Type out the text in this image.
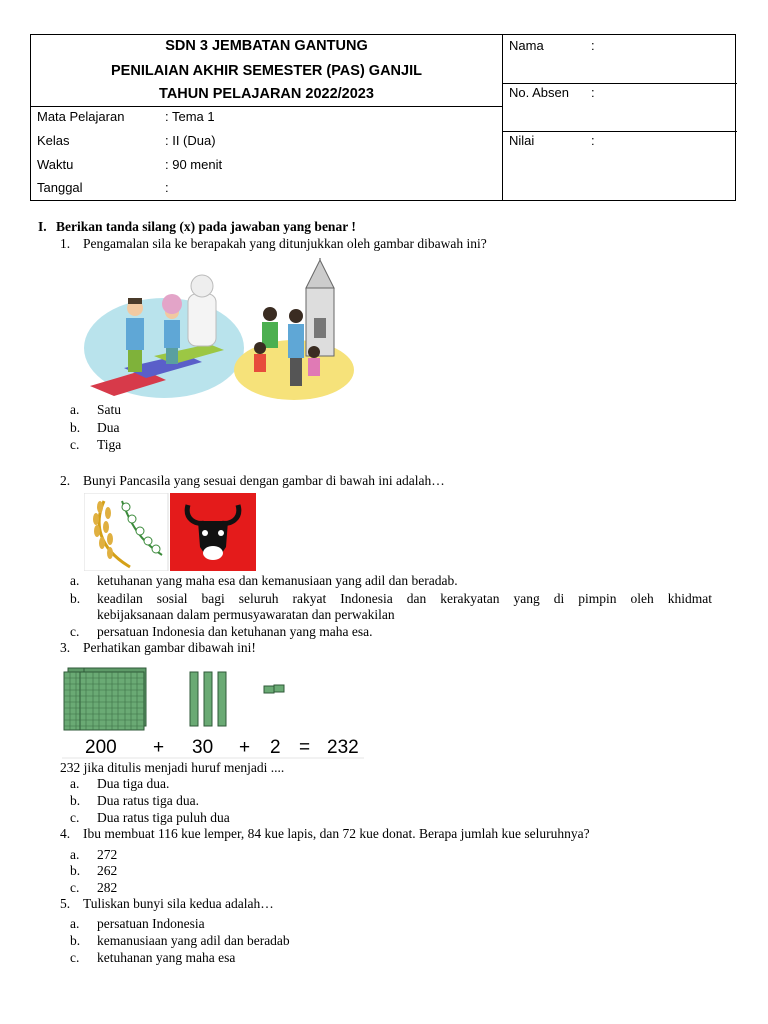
SDN 3 JEMBATAN GANTUNG
PENILAIAN AKHIR SEMESTER (PAS) GANJIL
TAHUN PELAJARAN 2022/2023
Mata Pelajaran	: Tema 1
Kelas	: II (Dua)
Waktu	: 90 menit
Tanggal	:
Nama	:
No. Absen :
Nilai	:
I. Berikan tanda silang (x) pada jawaban yang benar !
1. Pengamalan sila ke berapakah yang ditunjukkan oleh gambar dibawah ini?
a. Satu
b. Dua
c. Tiga
2. Bunyi Pancasila yang sesuai dengan gambar di bawah ini adalah…
a. ketuhanan yang maha esa dan kemanusiaan yang adil dan beradab.
b. keadilan sosial bagi seluruh rakyat Indonesia dan kerakyatan yang di pimpin oleh khidmat
kebijaksanaan dalam permusyawaratan dan perwakilan
c. persatuan Indonesia dan ketuhanan yang maha esa.
3. Perhatikan gambar dibawah ini!
200 + 30 + 2 = 232
232 jika ditulis menjadi huruf menjadi ....
a. Dua tiga dua.
b. Dua ratus tiga dua.
c. Dua ratus tiga puluh dua
4. Ibu membuat 116 kue lemper, 84 kue lapis, dan 72 kue donat. Berapa jumlah kue seluruhnya?
a. 272
b. 262
c. 282
5. Tuliskan bunyi sila kedua adalah…
a. persatuan Indonesia
b. kemanusiaan yang adil dan beradab
c. ketuhanan yang maha esa
